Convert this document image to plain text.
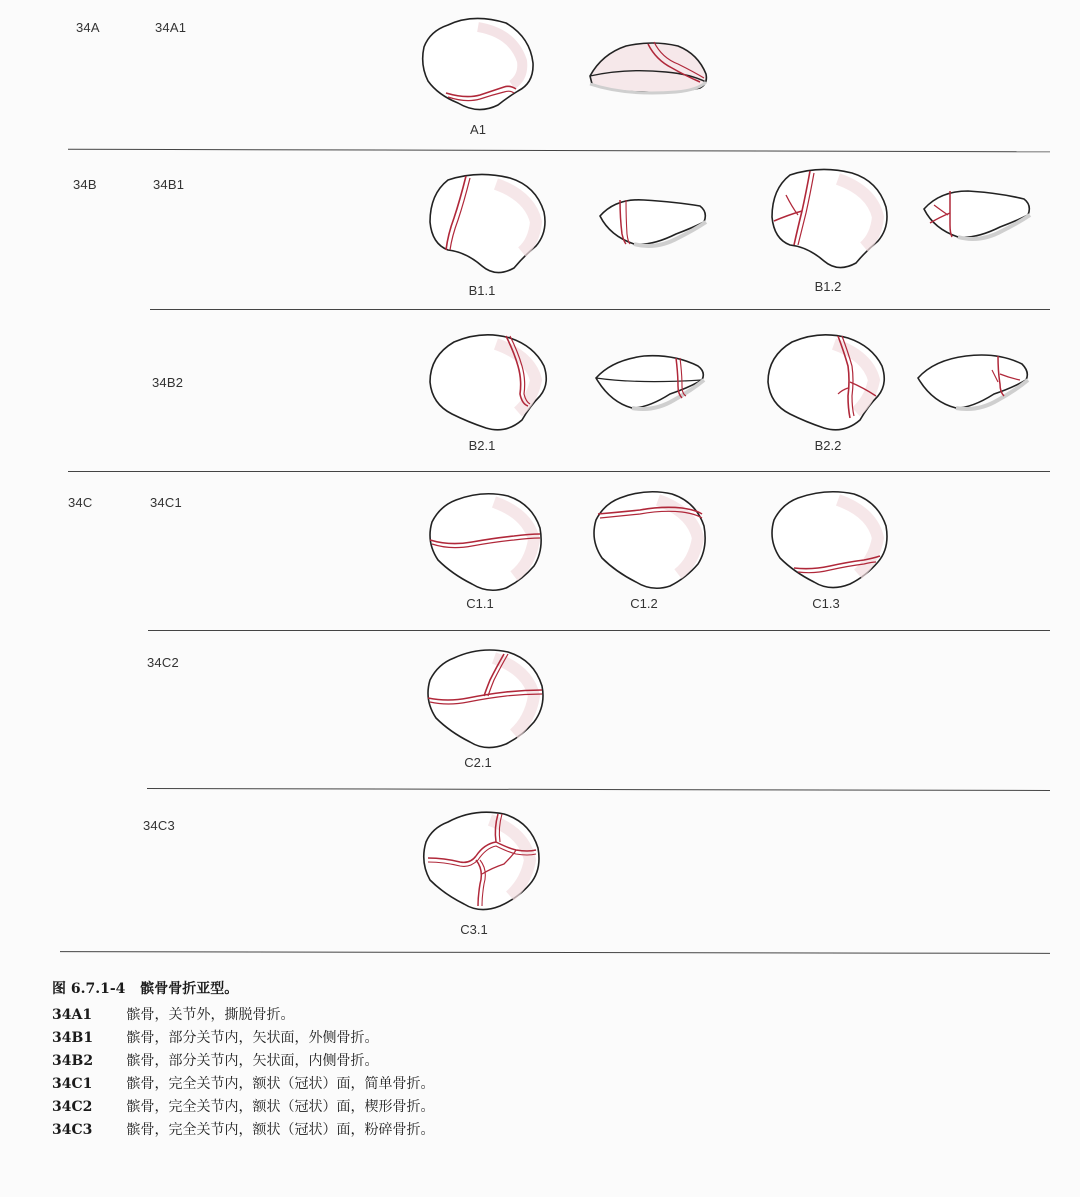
34A	34A1
34B	34B1
34B2
34C	34C1
34C2
34C3
A1
B1.1	B1.2
B2.1	B2.2
C1.1	C1.2	C1.3
C2.1
C3.1
图 6.7.1-4 髌骨骨折亚型。
34A1 髌骨，关节外，撕脱骨折。
34B1 髌骨，部分关节内，矢状面，外侧骨折。
34B2 髌骨，部分关节内，矢状面，内侧骨折。
34C1 髌骨，完全关节内，额状（冠状）面，简单骨折。
34C2 髌骨，完全关节内，额状（冠状）面，楔形骨折。
34C3 髌骨，完全关节内，额状（冠状）面，粉碎骨折。
